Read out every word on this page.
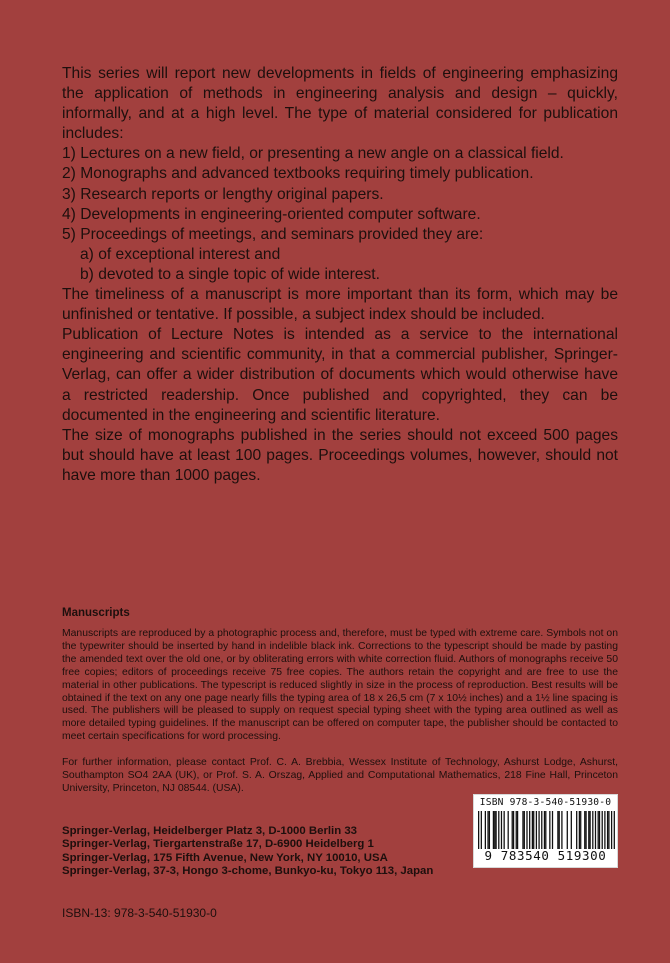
This series will report new developments in fields of engineering emphasizing the application of methods in engineering analysis and design – quickly, informally, and at a high level. The type of material considered for publication includes:

1) Lectures on a new field, or presenting a new angle on a classical field.
2) Monographs and advanced textbooks requiring timely publication.
3) Research reports or lengthy original papers.
4) Developments in engineering-oriented computer software.
5) Proceedings of meetings, and seminars provided they are:
a) of exceptional interest and
b) devoted to a single topic of wide interest.

The timeliness of a manuscript is more important than its form, which may be unfinished or tentative. If possible, a subject index should be included.

Publication of Lecture Notes is intended as a service to the international engineering and scientific community, in that a commercial publisher, Springer-Verlag, can offer a wider distribution of documents which would otherwise have a restricted readership. Once published and copyrighted, they can be documented in the engineering and scientific literature.

The size of monographs published in the series should not exceed 500 pages but should have at least 100 pages. Proceedings volumes, however, should not have more than 1000 pages.

Manuscripts
Manuscripts are reproduced by a photographic process and, therefore, must be typed with extreme care. Symbols not on the typewriter should be inserted by hand in indelible black ink. Corrections to the typescript should be made by pasting the amended text over the old one, or by obliterating errors with white correction fluid. Authors of monographs receive 50 free copies; editors of proceedings receive 75 free copies. The authors retain the copyright and are free to use the material in other publications. The typescript is reduced slightly in size in the process of reproduction. Best results will be obtained if the text on any one page nearly fills the typing area of 18 x 26,5 cm (7 x 10½ inches) and a 1½ line spacing is used. The publishers will be pleased to supply on request special typing sheet with the typing area outlined as well as more detailed typing guidelines. If the manuscript can be offered on computer tape, the publisher should be contacted to meet certain specifications for word processing.
For further information, please contact Prof. C. A. Brebbia, Wessex Institute of Technology, Ashurst Lodge, Ashurst, Southampton SO4 2AA (UK), or Prof. S. A. Orszag, Applied and Computational Mathematics, 218 Fine Hall, Princeton University, Princeton, NJ 08544. (USA).
Springer-Verlag, Heidelberger Platz 3, D-1000 Berlin 33
Springer-Verlag, Tiergartenstraße 17, D-6900 Heidelberg 1
Springer-Verlag, 175 Fifth Avenue, New York, NY 10010, USA
Springer-Verlag, 37-3, Hongo 3-chome, Bunkyo-ku, Tokyo 113, Japan
ISBN 978-3-540-51930-0
9 783540 519300
ISBN-13: 978-3-540-51930-0
